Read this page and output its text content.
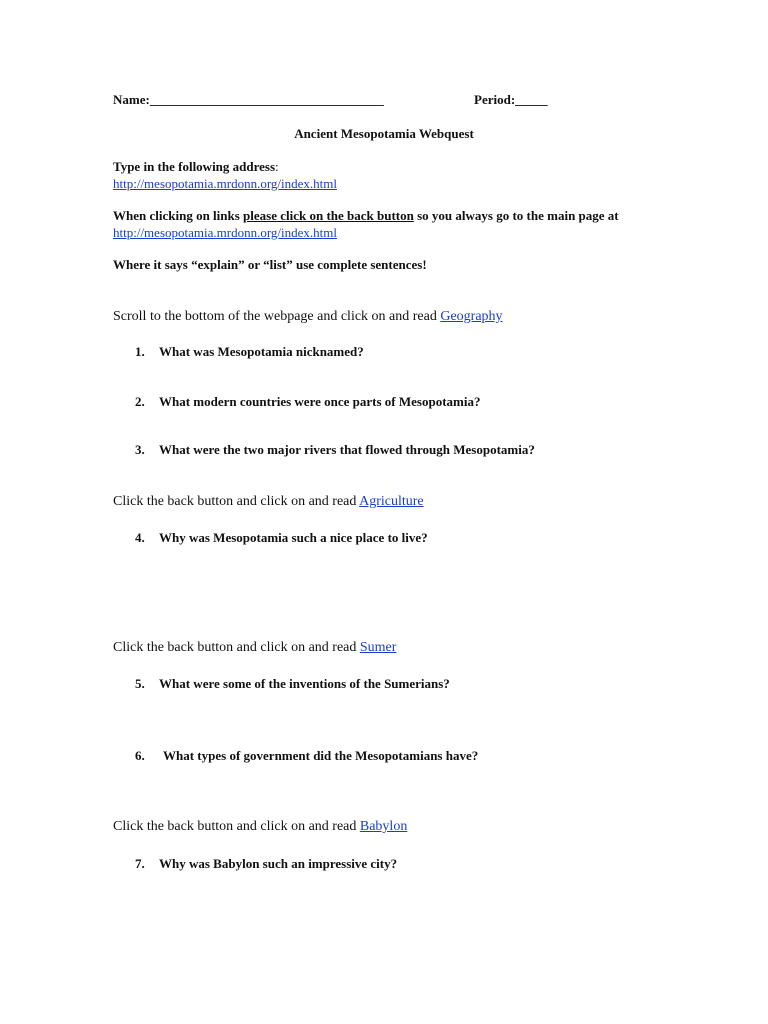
Name:____________________________________	Period:_____
Ancient Mesopotamia Webquest
Type in the following address:
http://mesopotamia.mrdonn.org/index.html
When clicking on links please click on the back button so you always go to the main page at
http://mesopotamia.mrdonn.org/index.html
Where it says “explain” or “list” use complete sentences!
Scroll to the bottom of the webpage and click on and read Geography
1. What was Mesopotamia nicknamed?
2. What modern countries were once parts of Mesopotamia?
3. What were the two major rivers that flowed through Mesopotamia?
Click the back button and click on and read Agriculture
4. Why was Mesopotamia such a nice place to live?
Click the back button and click on and read Sumer
5. What were some of the inventions of the Sumerians?
6. What types of government did the Mesopotamians have?
Click the back button and click on and read Babylon
7. Why was Babylon such an impressive city?
